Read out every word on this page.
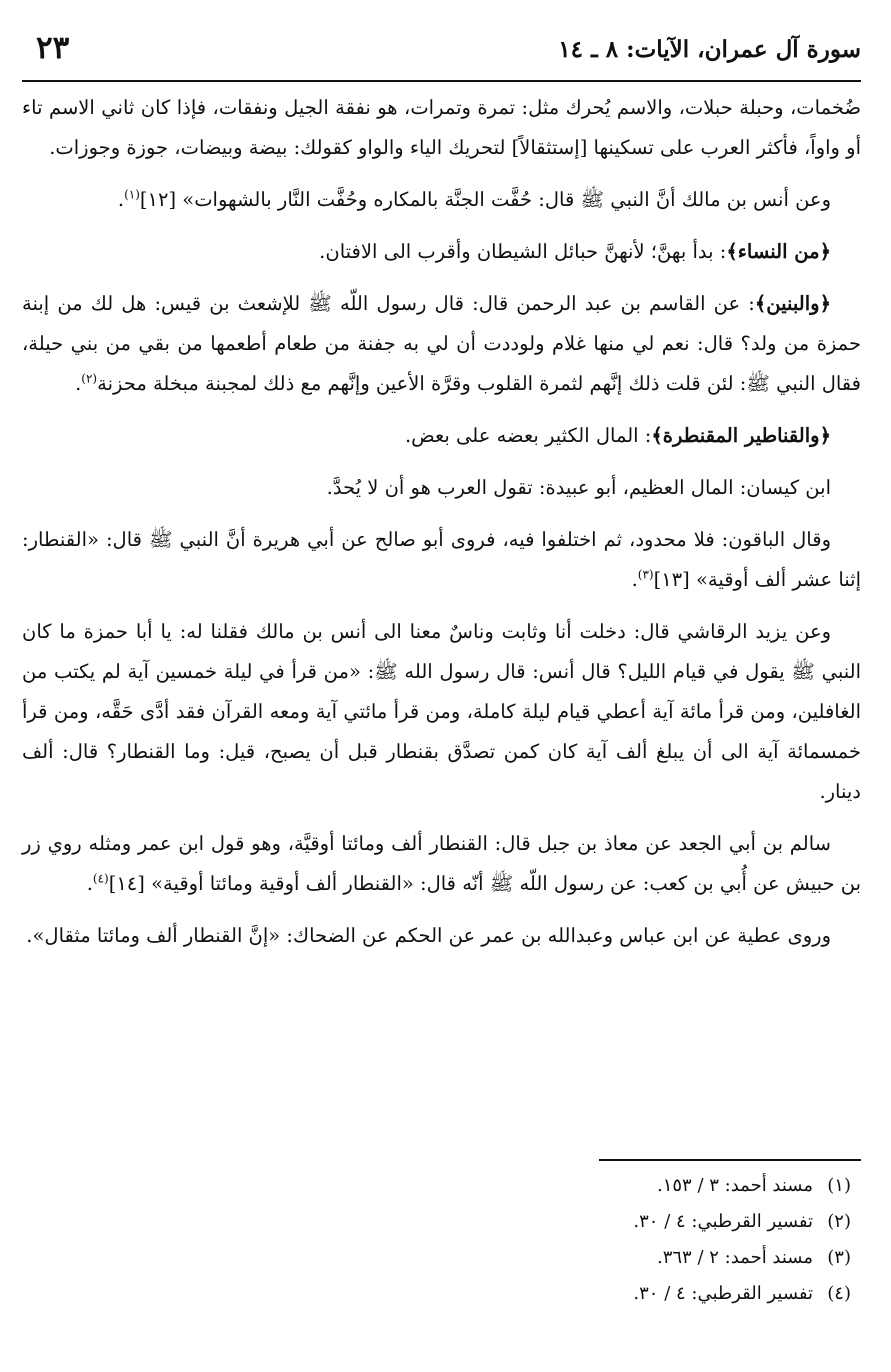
٢٣	سورة آل عمران، الآيات: ٨ ـ ١٤

ضُخمات، وحبلة حبلات، والاسم يُحرك مثل: تمرة وتمرات، هو نفقة الجيل ونفقات، فإذا كان ثاني الاسم تاء أو واواً، فأكثر العرب على تسكينها [إستثقالاً] لتحريك الياء والواو كقولك: بيضة وبيضات، جوزة وجوزات.

وعن أنس بن مالك أنَّ النبي ﷺ قال: حُفَّت الجنَّة بالمكاره وحُفَّت النَّار بالشهوات» [١٢]$^{(١)}$.

﴿من النساء﴾: بدأ بهنَّ؛ لأنهنَّ حبائل الشيطان وأقرب الى الافتان.

﴿والبنين﴾: عن القاسم بن عبد الرحمن قال: قال رسول اللّه ﷺ للإشعث بن قيس: هل لك من إبنة حمزة من ولد؟ قال: نعم لي منها غلام ولوددت أن لي به جفنة من طعام أطعمها من بقي من بني حيلة، فقال النبي ﷺ: لئن قلت ذلك إنَّهم لثمرة القلوب وقرَّة الأعين وإنَّهم مع ذلك لمجبنة مبخلة محزنة$^{(٢)}$.

﴿والقناطير المقنطرة﴾: المال الكثير بعضه على بعض.

ابن كيسان: المال العظيم، أبو عبيدة: تقول العرب هو أن لا يُحدَّ.

وقال الباقون: فلا محدود، ثم اختلفوا فيه، فروى أبو صالح عن أبي هريرة أنَّ النبي ﷺ قال: «القنطار: إثنا عشر ألف أوقية» [١٣]$^{(٣)}$.

وعن يزيد الرقاشي قال: دخلت أنا وثابت وناسٌ معنا الى أنس بن مالك فقلنا له: يا أبا حمزة ما كان النبي ﷺ يقول في قيام الليل؟ قال أنس: قال رسول الله ﷺ: «من قرأ في ليلة خمسين آية لم يكتب من الغافلين، ومن قرأ مائة آية أعطي قيام ليلة كاملة، ومن قرأ مائتي آية ومعه القرآن فقد أدَّى حَقَّه، ومن قرأ خمسمائة آية الى أن يبلغ ألف آية كان كمن تصدَّق بقنطار قبل أن يصبح، قيل: وما القنطار؟ قال: ألف دينار.

سالم بن أبي الجعد عن معاذ بن جبل قال: القنطار ألف ومائتا أوقيَّة، وهو قول ابن عمر ومثله روي زر بن حبيش عن أُبي بن كعب: عن رسول اللّه ﷺ أنّه قال: «القنطار ألف أوقية ومائتا أوقية» [١٤]$^{(٤)}$.

وروى عطية عن ابن عباس وعبدالله بن عمر عن الحكم عن الضحاك: «إنَّ القنطار ألف ومائتا مثقال».

(١)مسند أحمد: ٣ / ١٥٣.
(٢)تفسير القرطبي: ٤ / ٣٠.
(٣)مسند أحمد: ٢ / ٣٦٣.
(٤)تفسير القرطبي: ٤ / ٣٠.
